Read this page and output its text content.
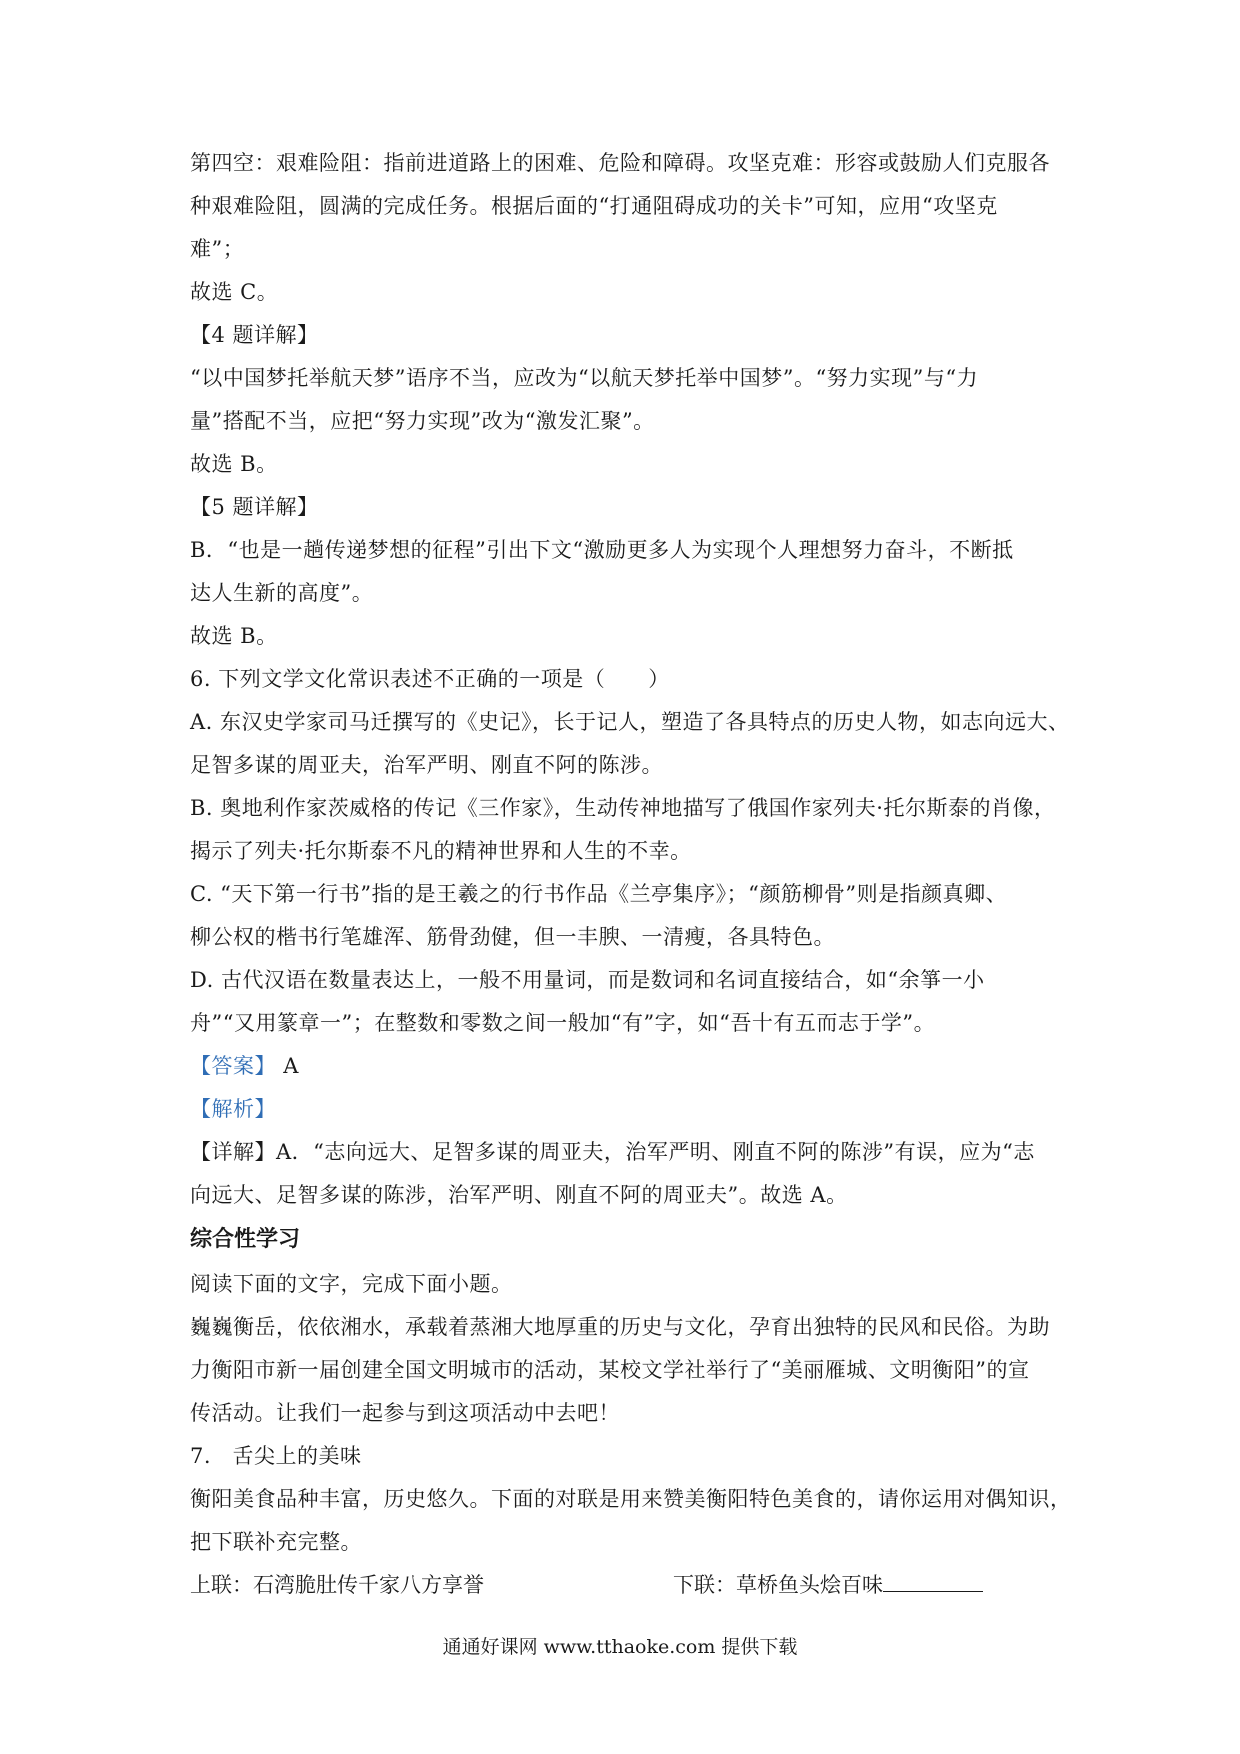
第四空：艰难险阻：指前进道路上的困难、危险和障碍。攻坚克难：形容或鼓励人们克服各
种艰难险阻，圆满的完成任务。根据后面的“打通阻碍成功的关卡”可知，应用“攻坚克
难”；
故选 C。
【4 题详解】
“以中国梦托举航天梦”语序不当，应改为“以航天梦托举中国梦”。“努力实现”与“力
量”搭配不当，应把“努力实现”改为“激发汇聚”。
故选 B。
【5 题详解】
B．“也是一趟传递梦想的征程”引出下文“激励更多人为实现个人理想努力奋斗，不断抵
达人生新的高度”。
故选 B。
6. 下列文学文化常识表述不正确的一项是（　　）
A. 东汉史学家司马迁撰写的《史记》，长于记人，塑造了各具特点的历史人物，如志向远大、
足智多谋的周亚夫，治军严明、刚直不阿的陈涉。
B. 奥地利作家茨威格的传记《三作家》，生动传神地描写了俄国作家列夫·托尔斯泰的肖像，
揭示了列夫·托尔斯泰不凡的精神世界和人生的不幸。
C. “天下第一行书”指的是王羲之的行书作品《兰亭集序》；“颜筋柳骨”则是指颜真卿、
柳公权的楷书行笔雄浑、筋骨劲健，但一丰腴、一清瘦，各具特色。
D. 古代汉语在数量表达上，一般不用量词，而是数词和名词直接结合，如“余箏一小
舟”“又用篆章一”；在整数和零数之间一般加“有”字，如“吾十有五而志于学”。
【答案】 A
【解析】
【详解】A．“志向远大、足智多谋的周亚夫，治军严明、刚直不阿的陈涉”有误，应为“志
向远大、足智多谋的陈涉，治军严明、刚直不阿的周亚夫”。故选 A。
综合性学习
阅读下面的文字，完成下面小题。
巍巍衡岳，依依湘水，承载着蒸湘大地厚重的历史与文化，孕育出独特的民风和民俗。为助
力衡阳市新一届创建全国文明城市的活动，某校文学社举行了“美丽雁城、文明衡阳”的宣
传活动。让我们一起参与到这项活动中去吧！
7.　舌尖上的美味
衡阳美食品种丰富，历史悠久。下面的对联是用来赞美衡阳特色美食的，请你运用对偶知识，
把下联补充完整。
上联：石湾脆肚传千家八方享誉	下联：草桥鱼头烩百味
通通好课网 www.tthaoke.com 提供下载
